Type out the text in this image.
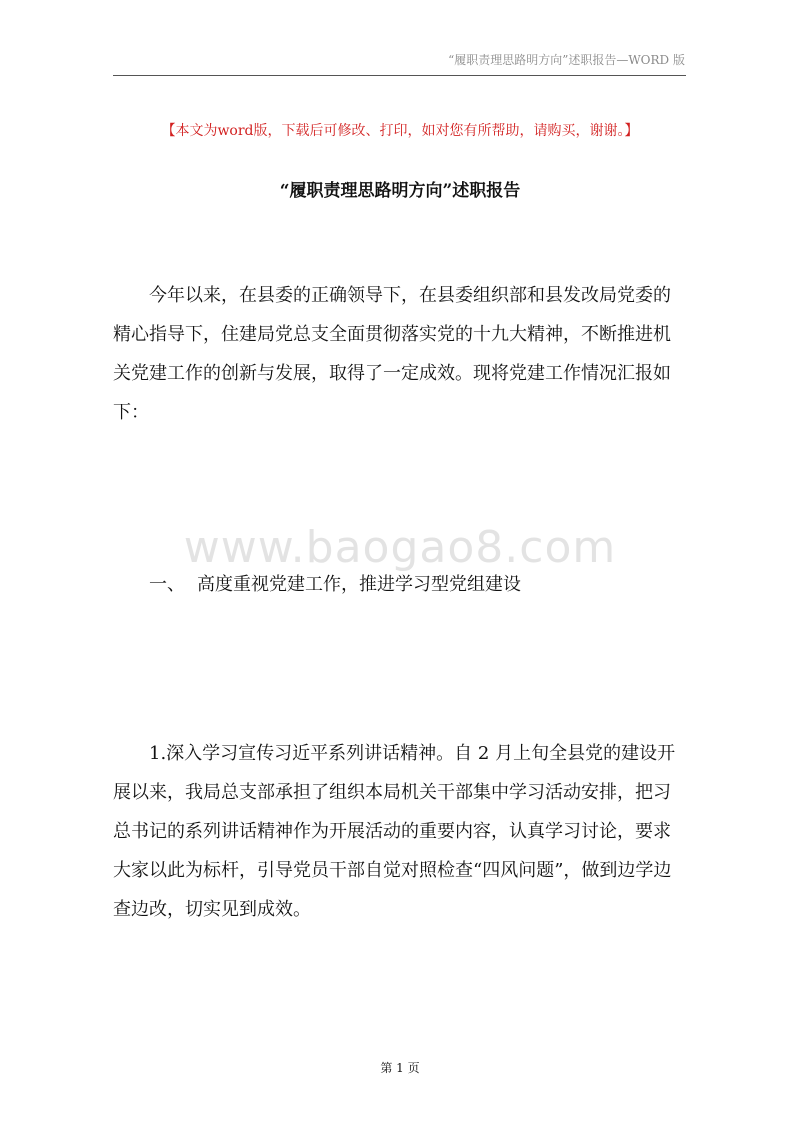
“履职责理思路明方向”述职报告—WORD 版
【本文为word版，下载后可修改、打印，如对您有所帮助，请购买，谢谢。】
“履职责理思路明方向”述职报告

今年以来，在县委的正确领导下，在县委组织部和县发改局党委的精心指导下，住建局党总支全面贯彻落实党的十九大精神，不断推进机关党建工作的创新与发展，取得了一定成效。现将党建工作情况汇报如下：

www.baogao8.com
一、 高度重视党建工作，推进学习型党组建设

1.深入学习宣传习近平系列讲话精神。自 2 月上旬全县党的建设开展以来，我局总支部承担了组织本局机关干部集中学习活动安排，把习总书记的系列讲话精神作为开展活动的重要内容，认真学习讨论，要求大家以此为标杆，引导党员干部自觉对照检查“四风问题”，做到边学边查边改，切实见到成效。

第 1 页
